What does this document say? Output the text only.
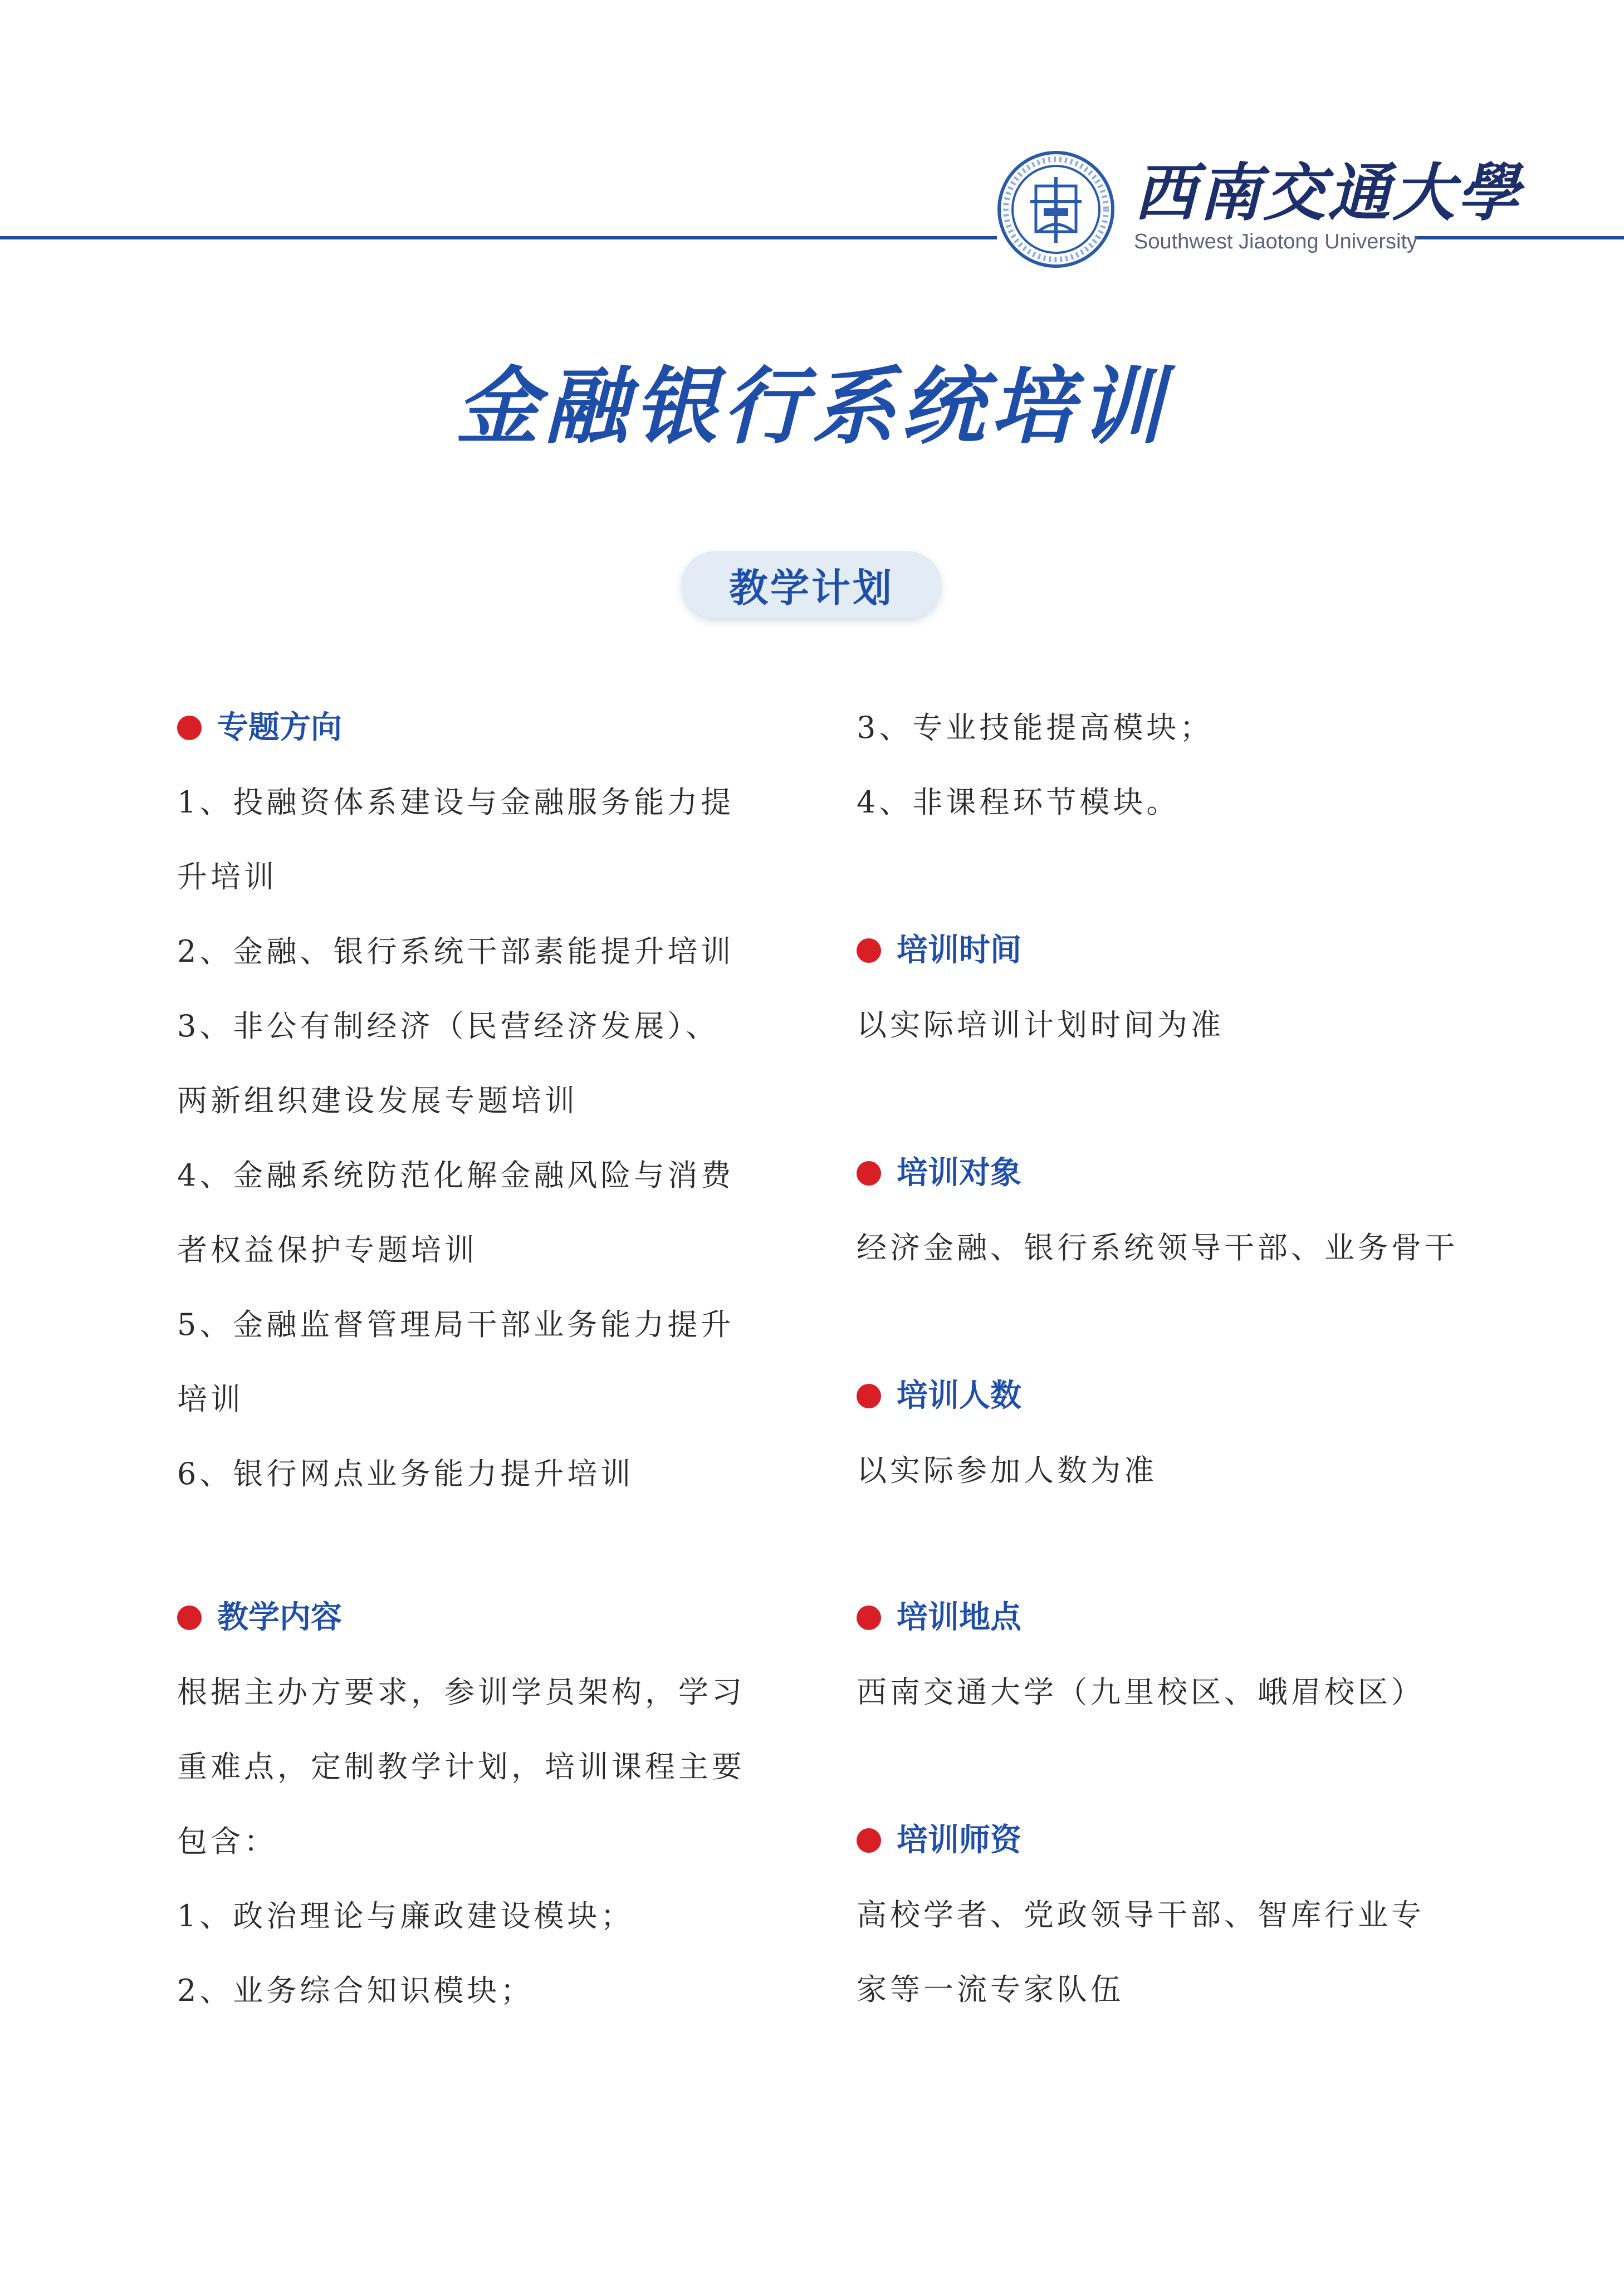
西南交通大學
Southwest Jiaotong University
金融银行系统培训
教学计划
专题方向
1、投融资体系建设与金融服务能力提
升培训
2、金融、银行系统干部素能提升培训
3、非公有制经济（民营经济发展）、
两新组织建设发展专题培训
4、金融系统防范化解金融风险与消费
者权益保护专题培训
5、金融监督管理局干部业务能力提升
培训
6、银行网点业务能力提升培训
教学内容
根据主办方要求，参训学员架构，学习
重难点，定制教学计划，培训课程主要
包含：
1、政治理论与廉政建设模块；
2、业务综合知识模块；
3、专业技能提高模块；
4、非课程环节模块。
培训时间
以实际培训计划时间为准
培训对象
经济金融、银行系统领导干部、业务骨干
培训人数
以实际参加人数为准
培训地点
西南交通大学（九里校区、峨眉校区）
培训师资
高校学者、党政领导干部、智库行业专
家等一流专家队伍
